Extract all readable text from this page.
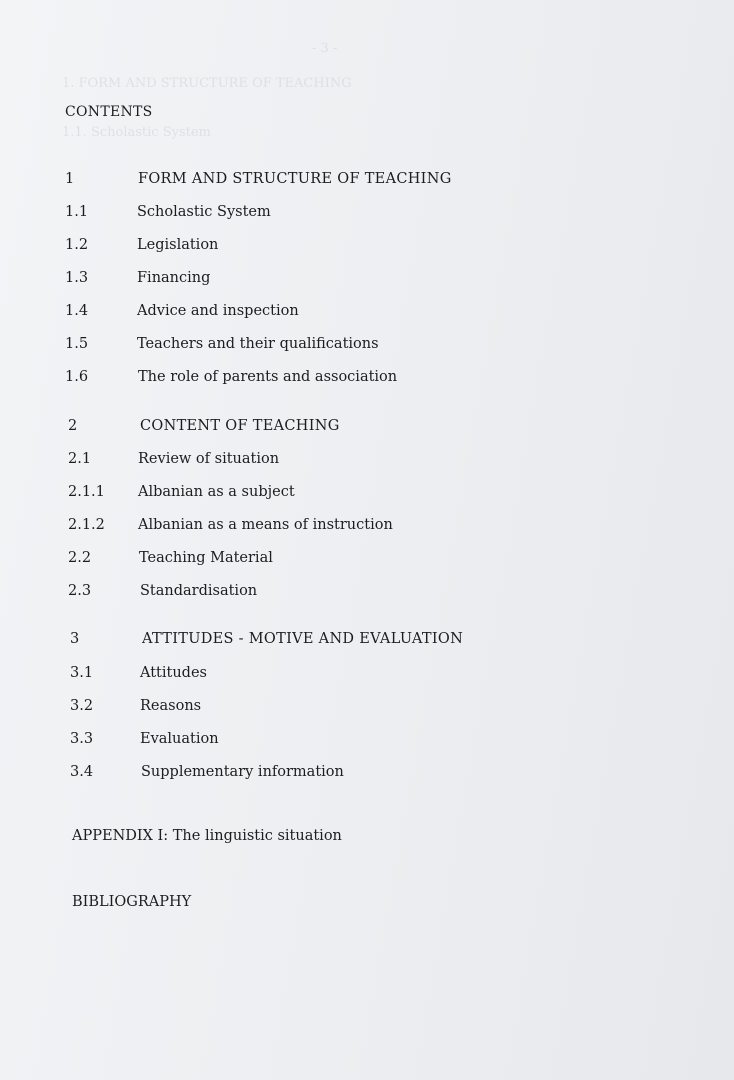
- 3 -
1. FORM AND STRUCTURE OF TEACHING
1.1. Scholastic System
CONTENTS
1	FORM AND STRUCTURE OF TEACHING
1.1	Scholastic System
1.2	Legislation
1.3	Financing
1.4	Advice and inspection
1.5	Teachers and their qualifications
1.6	The role of parents and association
2	CONTENT OF TEACHING
2.1	Review of situation
2.1.1 Albanian as a subject
2.1.2 Albanian as a means of instruction
2.2	Teaching Material
2.3	Standardisation
3	ATTITUDES - MOTIVE AND EVALUATION
3.1	Attitudes
3.2	Reasons
3.3	Evaluation
3.4	Supplementary information
APPENDIX I: The linguistic situation
BIBLIOGRAPHY
